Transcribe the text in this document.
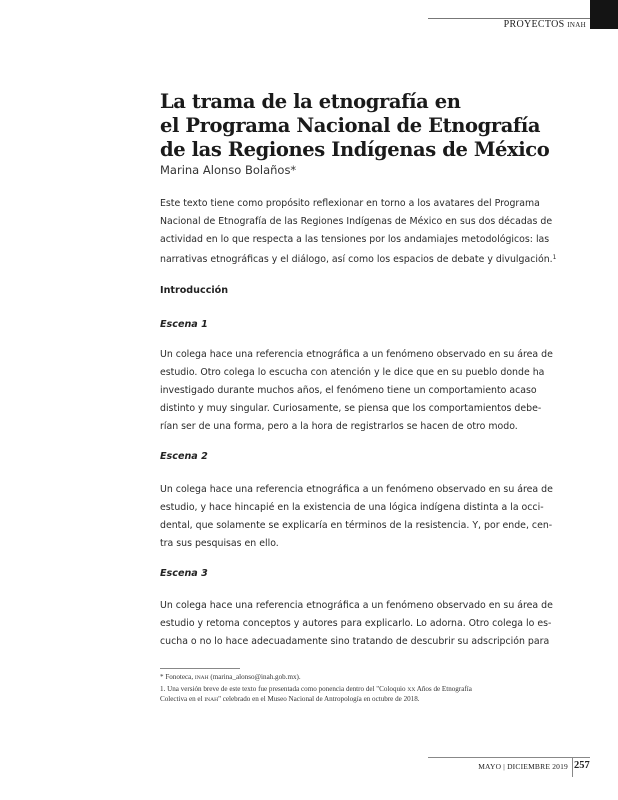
PROYECTOS INAH
La trama de la etnografía en
el Programa Nacional de Etnografía
de las Regiones Indígenas de México
Marina Alonso Bolaños*
Este texto tiene como propósito reflexionar en torno a los avatares del Programa
Nacional de Etnografía de las Regiones Indígenas de México en sus dos décadas de
actividad en lo que respecta a las tensiones por los andamiajes metodológicos: las
narrativas etnográficas y el diálogo, así como los espacios de debate y divulgación.$^1$
Introducción
Escena 1
Un colega hace una referencia etnográfica a un fenómeno observado en su área de
estudio. Otro colega lo escucha con atención y le dice que en su pueblo donde ha
investigado durante muchos años, el fenómeno tiene un comportamiento acaso
distinto y muy singular. Curiosamente, se piensa que los comportamientos debe-
rían ser de una forma, pero a la hora de registrarlos se hacen de otro modo.
Escena 2
Un colega hace una referencia etnográfica a un fenómeno observado en su área de
estudio, y hace hincapié en la existencia de una lógica indígena distinta a la occi-
dental, que solamente se explicaría en términos de la resistencia. Y, por ende, cen-
tra sus pesquisas en ello.
Escena 3
Un colega hace una referencia etnográfica a un fenómeno observado en su área de
estudio y retoma conceptos y autores para explicarlo. Lo adorna. Otro colega lo es-
cucha o no lo hace adecuadamente sino tratando de descubrir su adscripción para

* Fonoteca, INAH (marina_alonso@inah.gob.mx).

1. Una versión breve de este texto fue presentada como ponencia dentro del "Coloquio XX Años de Etnografía
Colectiva en el INAH" celebrado en el Museo Nacional de Antropología en octubre de 2018.

MAYO | DICIEMBRE 2019 257
